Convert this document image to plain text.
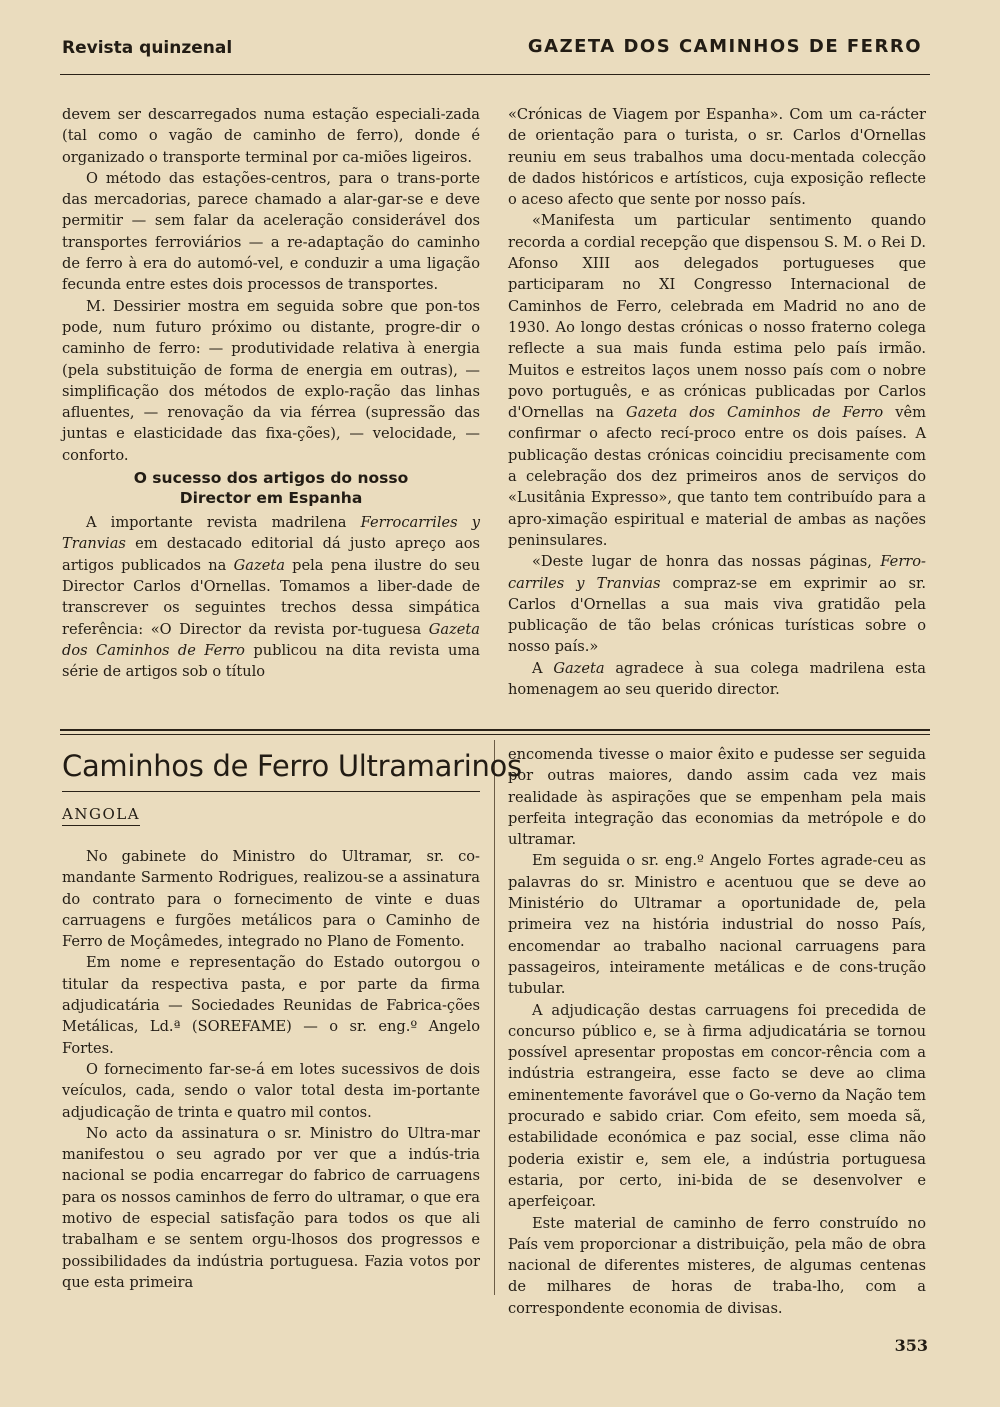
Revista quinzenal	GAZETA DOS CAMINHOS DE FERRO

devem ser descarregados numa estação especiali-zada (tal como o vagão de caminho de ferro), donde é organizado o transporte terminal por ca-miões ligeiros.

O método das estações-centros, para o trans-porte das mercadorias, parece chamado a alar-gar-se e deve permitir — sem falar da aceleração considerável dos transportes ferroviários — a re-adaptação do caminho de ferro à era do automó-vel, e conduzir a uma ligação fecunda entre estes dois processos de transportes.

M. Dessirier mostra em seguida sobre que pon-tos pode, num futuro próximo ou distante, progre-dir o caminho de ferro: — produtividade relativa à energia (pela substituição de forma de energia em outras), — simplificação dos métodos de explo-ração das linhas afluentes, — renovação da via férrea (supressão das juntas e elasticidade das fixa-ções), — velocidade, — conforto.

O sucesso dos artigos do nosso
Director em Espanha

A importante revista madrilena Ferrocarriles y Tranvias em destacado editorial dá justo apreço aos artigos publicados na Gazeta pela pena ilustre do seu Director Carlos d'Ornellas. Tomamos a liber-dade de transcrever os seguintes trechos dessa simpática referência: «O Director da revista por-tuguesa Gazeta dos Caminhos de Ferro publicou na dita revista uma série de artigos sob o título

«Crónicas de Viagem por Espanha». Com um ca-rácter de orientação para o turista, o sr. Carlos d'Ornellas reuniu em seus trabalhos uma docu-mentada colecção de dados históricos e artísticos, cuja exposição reflecte o aceso afecto que sente por nosso país.

«Manifesta um particular sentimento quando recorda a cordial recepção que dispensou S. M. o Rei D. Afonso XIII aos delegados portugueses que participaram no XI Congresso Internacional de Caminhos de Ferro, celebrada em Madrid no ano de 1930. Ao longo destas crónicas o nosso fraterno colega reflecte a sua mais funda estima pelo país irmão. Muitos e estreitos laços unem nosso país com o nobre povo português, e as crónicas publicadas por Carlos d'Ornellas na Gazeta dos Caminhos de Ferro vêm confirmar o afecto recí-proco entre os dois países. A publicação destas crónicas coincidiu precisamente com a celebração dos dez primeiros anos de serviços do «Lusitânia Expresso», que tanto tem contribuído para a apro-ximação espiritual e material de ambas as nações peninsulares.

«Deste lugar de honra das nossas páginas, Ferro-carriles y Tranvias compraz-se em exprimir ao sr. Carlos d'Ornellas a sua mais viva gratidão pela publicação de tão belas crónicas turísticas sobre o nosso país.»

A Gazeta agradece à sua colega madrilena esta homenagem ao seu querido director.

Caminhos de Ferro Ultramarinos
ANGOLA

No gabinete do Ministro do Ultramar, sr. co-mandante Sarmento Rodrigues, realizou-se a assinatura do contrato para o fornecimento de vinte e duas carruagens e furgões metálicos para o Caminho de Ferro de Moçâmedes, integrado no Plano de Fomento.

Em nome e representação do Estado outorgou o titular da respectiva pasta, e por parte da firma adjudicatária — Sociedades Reunidas de Fabrica-ções Metálicas, Ld.ª (SOREFAME) — o sr. eng.º Angelo Fortes.

O fornecimento far-se-á em lotes sucessivos de dois veículos, cada, sendo o valor total desta im-portante adjudicação de trinta e quatro mil contos.

No acto da assinatura o sr. Ministro do Ultra-mar manifestou o seu agrado por ver que a indús-tria nacional se podia encarregar do fabrico de carruagens para os nossos caminhos de ferro do ultramar, o que era motivo de especial satisfação para todos os que ali trabalham e se sentem orgu-lhosos dos progressos e possibilidades da indústria portuguesa. Fazia votos por que esta primeira

encomenda tivesse o maior êxito e pudesse ser seguida por outras maiores, dando assim cada vez mais realidade às aspirações que se empenham pela mais perfeita integração das economias da metrópole e do ultramar.

Em seguida o sr. eng.º Angelo Fortes agrade-ceu as palavras do sr. Ministro e acentuou que se deve ao Ministério do Ultramar a oportunidade de, pela primeira vez na história industrial do nosso País, encomendar ao trabalho nacional carruagens para passageiros, inteiramente metálicas e de cons-trução tubular.

A adjudicação destas carruagens foi precedida de concurso público e, se à firma adjudicatária se tornou possível apresentar propostas em concor-rência com a indústria estrangeira, esse facto se deve ao clima eminentemente favorável que o Go-verno da Nação tem procurado e sabido criar. Com efeito, sem moeda sã, estabilidade económica e paz social, esse clima não poderia existir e, sem ele, a indústria portuguesa estaria, por certo, ini-bida de se desenvolver e aperfeiçoar.

Este material de caminho de ferro construído no País vem proporcionar a distribuição, pela mão de obra nacional de diferentes misteres, de algumas centenas de milhares de horas de traba-lho, com a correspondente economia de divisas.

353
